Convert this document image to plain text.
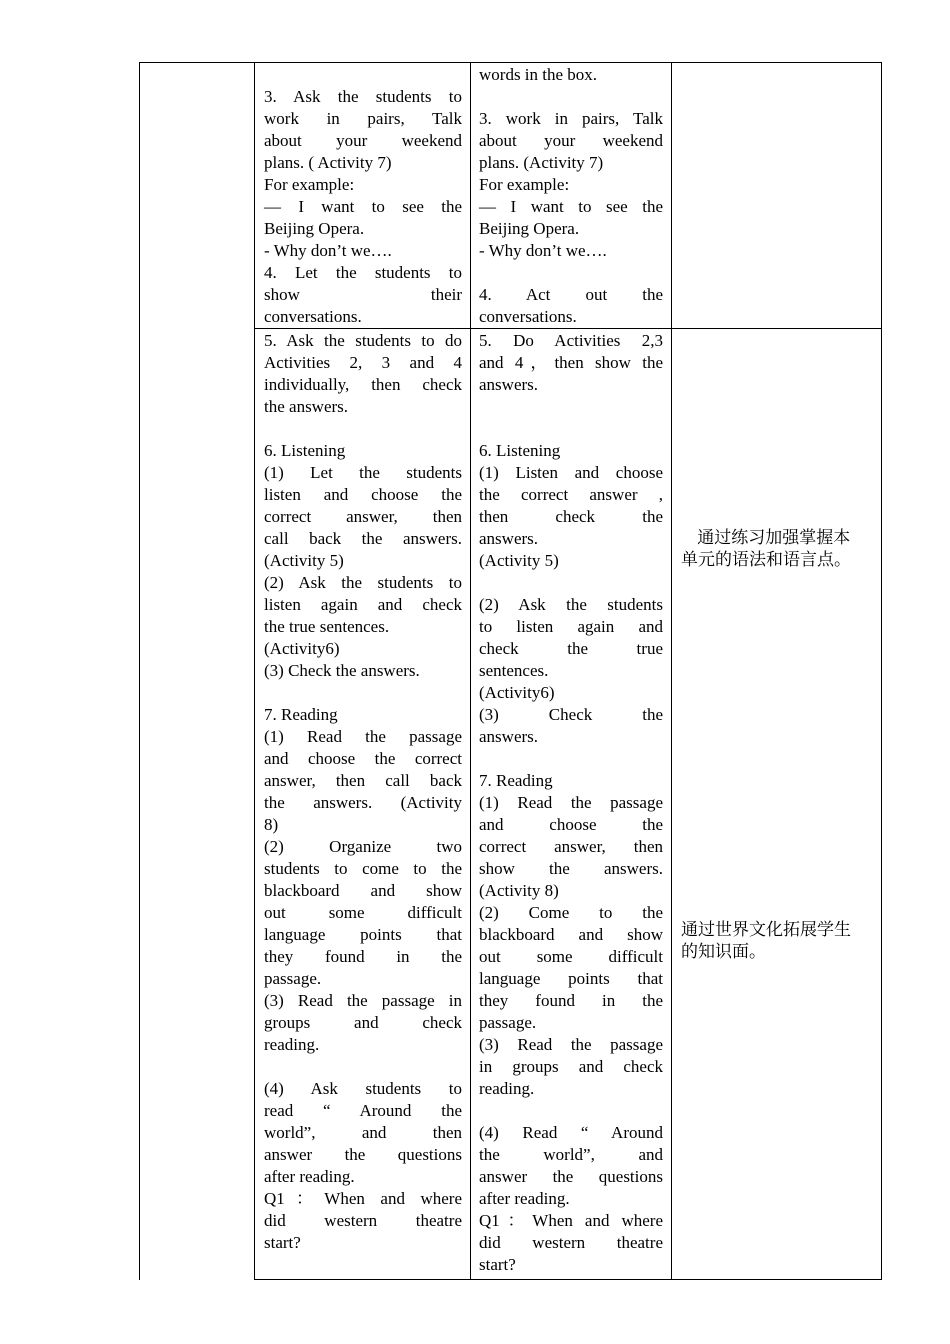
3. Ask the students to
work in pairs, Talk
about your weekend
plans. ( Activity 7)
For example:
— I want to see the
Beijing Opera.
- Why don’t we….
4. Let the students to
show their
conversations.
words in the box.
3. work in pairs, Talk
about your weekend
plans. (Activity 7)
For example:
— I want to see the
Beijing Opera.
- Why don’t we….
4. Act out the
conversations.
5. Ask the students to do
Activities 2, 3 and 4
individually, then check
the answers.
6. Listening
(1) Let the students
listen and choose the
correct answer, then
call back the answers.
(Activity 5)
(2) Ask the students to
listen again and check
the true sentences.
(Activity6)
(3) Check the answers.
7. Reading
(1) Read the passage
and choose the correct
answer, then call back
the answers. (Activity
8)
(2) Organize two
students to come to the
blackboard and show
out some difficult
language points that
they found in the
passage.
(3) Read the passage in
groups and check
reading.
(4) Ask students to
read “ Around the
world”, and then
answer the questions
after reading.
Q1：When and where
did western theatre
start?
5. Do Activities 2,3
and 4，then show the
answers.
6. Listening
(1) Listen and choose
the correct answer ,
then check the
answers.
(Activity 5)
(2) Ask the students
to listen again and
check the true
sentences.
(Activity6)
(3) Check the
answers.
7. Reading
(1) Read the passage
and choose the
correct answer, then
show the answers.
(Activity 8)
(2) Come to the
blackboard and show
out some difficult
language points that
they found in the
passage.
(3) Read the passage
in groups and check
reading.
(4) Read “ Around
the world”, and
answer the questions
after reading.
Q1：When and where
did western theatre
start?
通过练习加强掌握本
单元的语法和语言点。
通过世界文化拓展学生
的知识面。
